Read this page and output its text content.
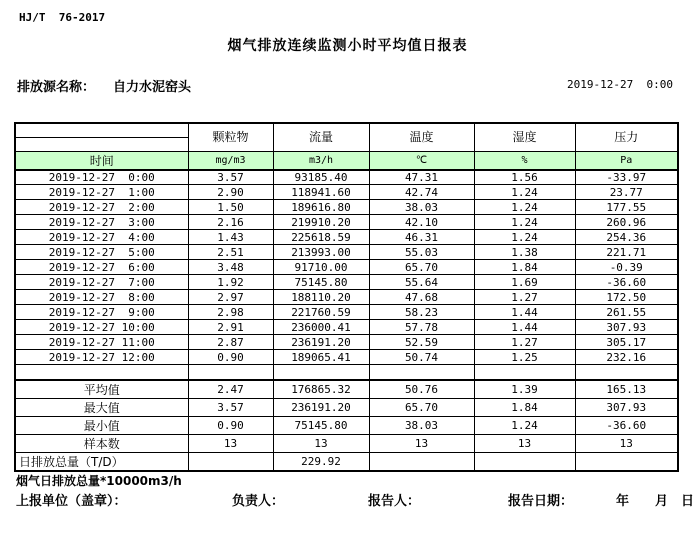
HJ/T  76-2017
烟气排放连续监测小时平均值日报表
排放源名称： 自力水泥窑头	2019-12-27  0:00
	颗粒物	流量	温度	湿度	压力

时间	mg/m3	m3/h	℃	%	Pa
2019-12-27  0:00	3.57	93185.40	47.31	1.56	-33.97
2019-12-27  1:00	2.90	118941.60	42.74	1.24	23.77
2019-12-27  2:00	1.50	189616.80	38.03	1.24	177.55
2019-12-27  3:00	2.16	219910.20	42.10	1.24	260.96
2019-12-27  4:00	1.43	225618.59	46.31	1.24	254.36
2019-12-27  5:00	2.51	213993.00	55.03	1.38	221.71
2019-12-27  6:00	3.48	91710.00	65.70	1.84	-0.39
2019-12-27  7:00	1.92	75145.80	55.64	1.69	-36.60
2019-12-27  8:00	2.97	188110.20	47.68	1.27	172.50
2019-12-27  9:00	2.98	221760.59	58.23	1.44	261.55
2019-12-27 10:00	2.91	236000.41	57.78	1.44	307.93
2019-12-27 11:00	2.87	236191.20	52.59	1.27	305.17
2019-12-27 12:00	0.90	189065.41	50.74	1.25	232.16

平均值	2.47	176865.32	50.76	1.39	165.13
最大值	3.57	236191.20	65.70	1.84	307.93
最小值	0.90	75145.80	38.03	1.24	-36.60
样本数	13	13	13	13	13
日排放总量（T/D）		229.92			
烟气日排放总量*10000m3/h
上报单位（盖章）：	负责人：	报告人：	报告日期：	年 月 日
